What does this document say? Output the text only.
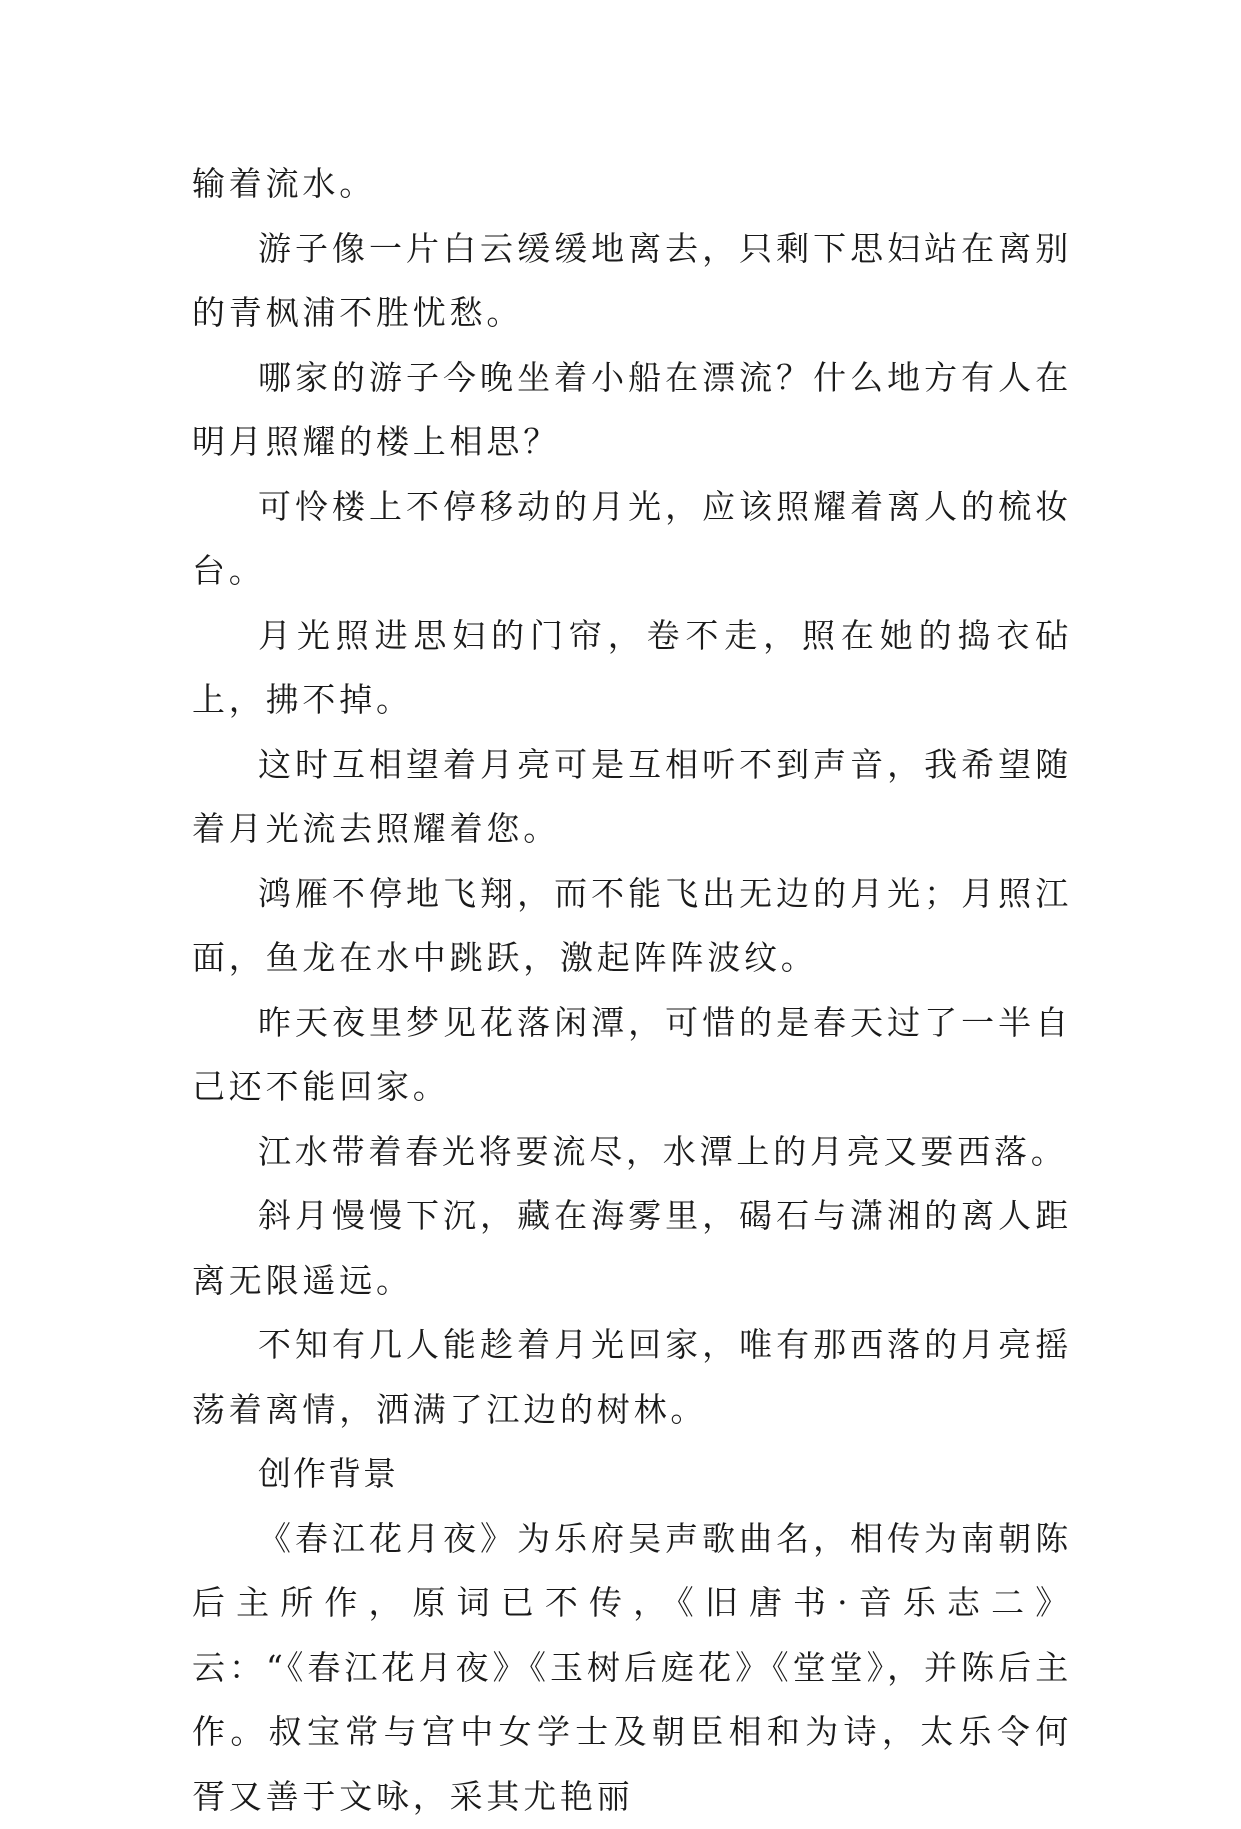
输着流水。

游子像一片白云缓缓地离去，只剩下思妇站在离别的青枫浦不胜忧愁。

哪家的游子今晚坐着小船在漂流？什么地方有人在明月照耀的楼上相思？

可怜楼上不停移动的月光，应该照耀着离人的梳妆台。

月光照进思妇的门帘，卷不走，照在她的捣衣砧上，拂不掉。

这时互相望着月亮可是互相听不到声音，我希望随着月光流去照耀着您。

鸿雁不停地飞翔，而不能飞出无边的月光；月照江面，鱼龙在水中跳跃，激起阵阵波纹。

昨天夜里梦见花落闲潭，可惜的是春天过了一半自己还不能回家。

江水带着春光将要流尽，水潭上的月亮又要西落。

斜月慢慢下沉，藏在海雾里，碣石与潇湘的离人距离无限遥远。

不知有几人能趁着月光回家，唯有那西落的月亮摇荡着离情，洒满了江边的树林。

创作背景

《春江花月夜》为乐府吴声歌曲名，相传为南朝陈后主所作，原词已不传，《旧唐书·音乐志二》云：“《春江花月夜》《玉树后庭花》《堂堂》，并陈后主作。叔宝常与宫中女学士及朝臣相和为诗，太乐令何胥又善于文咏，采其尤艳丽
